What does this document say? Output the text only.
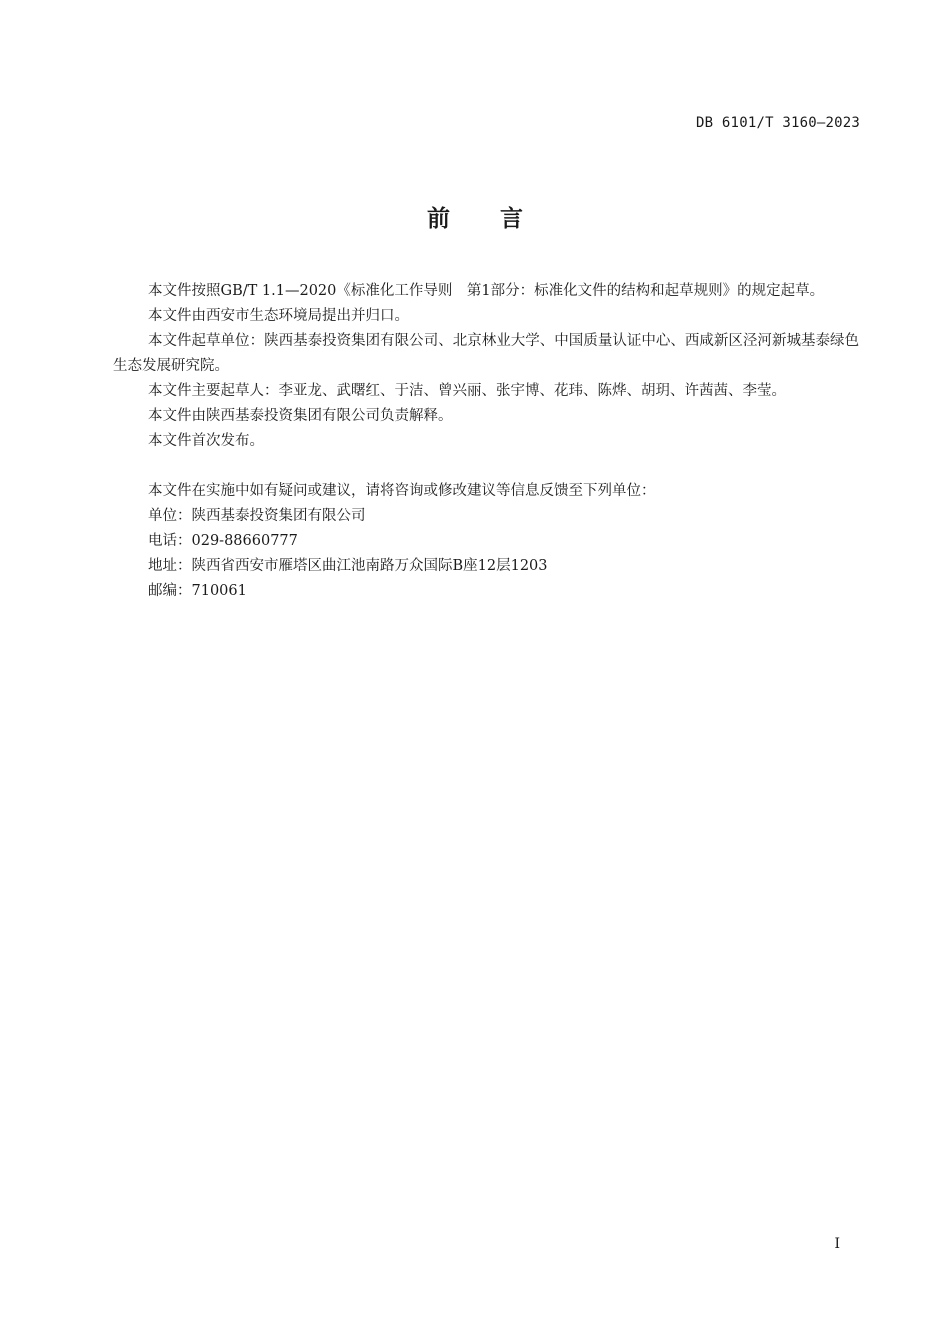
DB 6101/T 3160—2023
前言

本文件按照GB/T 1.1—2020《标准化工作导则　第1部分：标准化文件的结构和起草规则》的规定起草。

本文件由西安市生态环境局提出并归口。

本文件起草单位：陕西基泰投资集团有限公司、北京林业大学、中国质量认证中心、西咸新区泾河新城基泰绿色生态发展研究院。

本文件主要起草人：李亚龙、武曙红、于洁、曾兴丽、张宇博、花玮、陈烨、胡玥、许茜茜、李莹。

本文件由陕西基泰投资集团有限公司负责解释。

本文件首次发布。

本文件在实施中如有疑问或建议，请将咨询或修改建议等信息反馈至下列单位：

单位：陕西基泰投资集团有限公司

电话：029-88660777

地址：陕西省西安市雁塔区曲江池南路万众国际B座12层1203

邮编：710061

I
